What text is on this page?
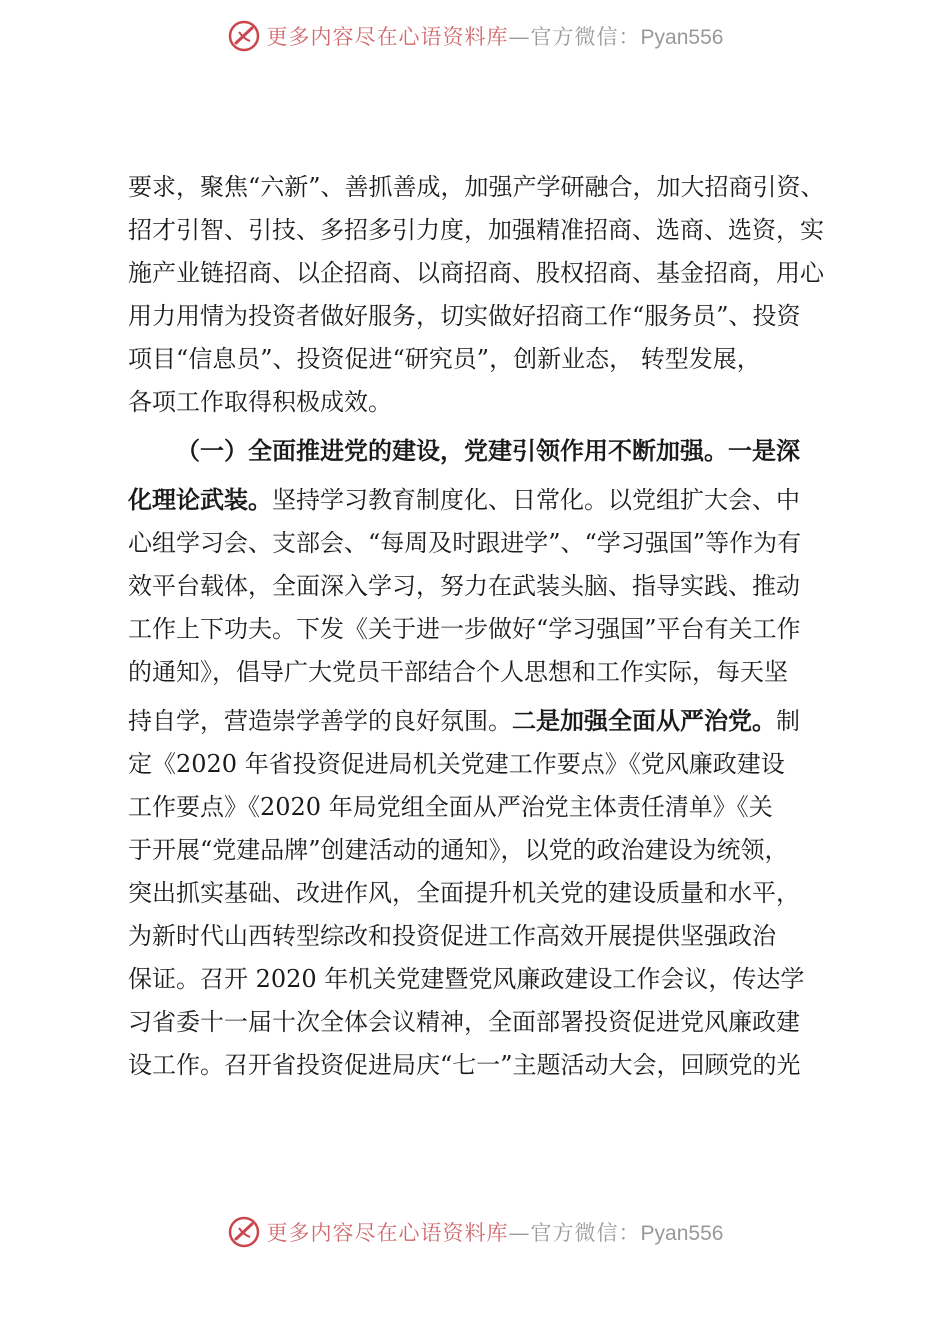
更多内容尽在心语资料库—官方微信：Pyan556

要求，聚焦“六新”、善抓善成，加强产学研融合，加大招商引资、

招才引智、引技、多招多引力度，加强精准招商、选商、选资，实

施产业链招商、以企招商、以商招商、股权招商、基金招商，用心

用力用情为投资者做好服务，切实做好招商工作“服务员”、投资

项目“信息员”、投资促进“研究员”，创新业态， 转型发展，

各项工作取得积极成效。

（一）全面推进党的建设，党建引领作用不断加强。一是深

化理论武装。坚持学习教育制度化、日常化。以党组扩大会、中

心组学习会、支部会、“每周及时跟进学”、“学习强国”等作为有

效平台载体，全面深入学习，努力在武装头脑、指导实践、推动

工作上下功夫。下发《关于进一步做好“学习强国”平台有关工作

的通知》，倡导广大党员干部结合个人思想和工作实际，每天坚

持自学，营造崇学善学的良好氛围。二是加强全面从严治党。制

定《2020 年省投资促进局机关党建工作要点》《党风廉政建设

工作要点》《2020 年局党组全面从严治党主体责任清单》《关

于开展“党建品牌”创建活动的通知》，以党的政治建设为统领，

突出抓实基础、改进作风，全面提升机关党的建设质量和水平，

为新时代山西转型综改和投资促进工作高效开展提供坚强政治

保证。召开 2020 年机关党建暨党风廉政建设工作会议，传达学

习省委十一届十次全体会议精神，全面部署投资促进党风廉政建

设工作。召开省投资促进局庆“七一”主题活动大会，回顾党的光

更多内容尽在心语资料库—官方微信：Pyan556
